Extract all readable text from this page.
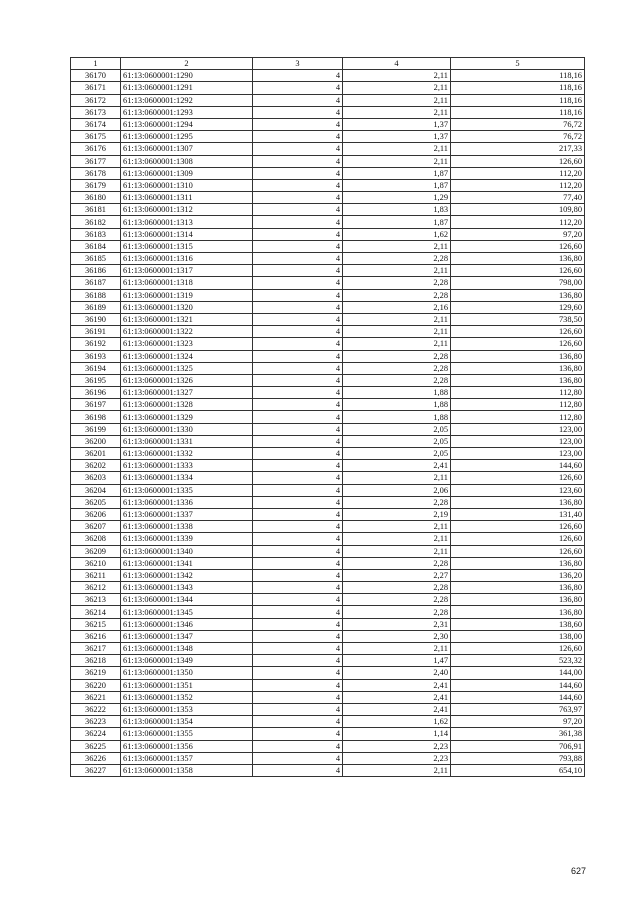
1	2	3	4	5
36170	61:13:0600001:1290	4	2,11	118,16
36171	61:13:0600001:1291	4	2,11	118,16
36172	61:13:0600001:1292	4	2,11	118,16
36173	61:13:0600001:1293	4	2,11	118,16
36174	61:13:0600001:1294	4	1,37	76,72
36175	61:13:0600001:1295	4	1,37	76,72
36176	61:13:0600001:1307	4	2,11	217,33
36177	61:13:0600001:1308	4	2,11	126,60
36178	61:13:0600001:1309	4	1,87	112,20
36179	61:13:0600001:1310	4	1,87	112,20
36180	61:13:0600001:1311	4	1,29	77,40
36181	61:13:0600001:1312	4	1,83	109,80
36182	61:13:0600001:1313	4	1,87	112,20
36183	61:13:0600001:1314	4	1,62	97,20
36184	61:13:0600001:1315	4	2,11	126,60
36185	61:13:0600001:1316	4	2,28	136,80
36186	61:13:0600001:1317	4	2,11	126,60
36187	61:13:0600001:1318	4	2,28	798,00
36188	61:13:0600001:1319	4	2,28	136,80
36189	61:13:0600001:1320	4	2,16	129,60
36190	61:13:0600001:1321	4	2,11	738,50
36191	61:13:0600001:1322	4	2,11	126,60
36192	61:13:0600001:1323	4	2,11	126,60
36193	61:13:0600001:1324	4	2,28	136,80
36194	61:13:0600001:1325	4	2,28	136,80
36195	61:13:0600001:1326	4	2,28	136,80
36196	61:13:0600001:1327	4	1,88	112,80
36197	61:13:0600001:1328	4	1,88	112,80
36198	61:13:0600001:1329	4	1,88	112,80
36199	61:13:0600001:1330	4	2,05	123,00
36200	61:13:0600001:1331	4	2,05	123,00
36201	61:13:0600001:1332	4	2,05	123,00
36202	61:13:0600001:1333	4	2,41	144,60
36203	61:13:0600001:1334	4	2,11	126,60
36204	61:13:0600001:1335	4	2,06	123,60
36205	61:13:0600001:1336	4	2,28	136,80
36206	61:13:0600001:1337	4	2,19	131,40
36207	61:13:0600001:1338	4	2,11	126,60
36208	61:13:0600001:1339	4	2,11	126,60
36209	61:13:0600001:1340	4	2,11	126,60
36210	61:13:0600001:1341	4	2,28	136,80
36211	61:13:0600001:1342	4	2,27	136,20
36212	61:13:0600001:1343	4	2,28	136,80
36213	61:13:0600001:1344	4	2,28	136,80
36214	61:13:0600001:1345	4	2,28	136,80
36215	61:13:0600001:1346	4	2,31	138,60
36216	61:13:0600001:1347	4	2,30	138,00
36217	61:13:0600001:1348	4	2,11	126,60
36218	61:13:0600001:1349	4	1,47	523,32
36219	61:13:0600001:1350	4	2,40	144,00
36220	61:13:0600001:1351	4	2,41	144,60
36221	61:13:0600001:1352	4	2,41	144,60
36222	61:13:0600001:1353	4	2,41	763,97
36223	61:13:0600001:1354	4	1,62	97,20
36224	61:13:0600001:1355	4	1,14	361,38
36225	61:13:0600001:1356	4	2,23	706,91
36226	61:13:0600001:1357	4	2,23	793,88
36227	61:13:0600001:1358	4	2,11	654,10
627
